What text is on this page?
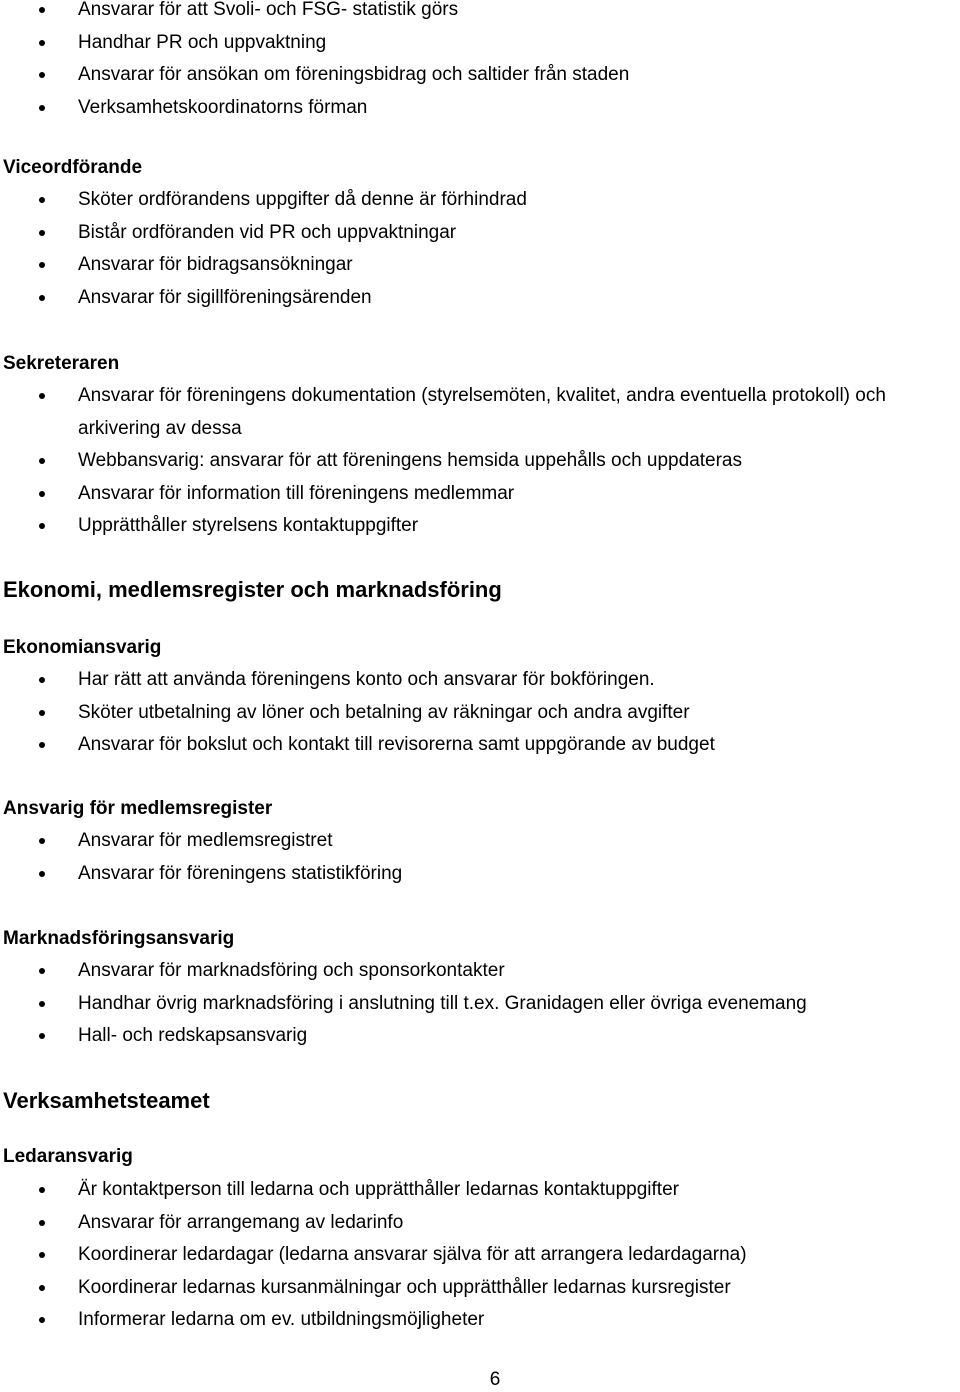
Ansvarar för att Svoli- och FSG- statistik görs
Handhar PR och uppvaktning
Ansvarar för ansökan om föreningsbidrag och saltider från staden
Verksamhetskoordinatorns förman
Viceordförande
Sköter ordförandens uppgifter då denne är förhindrad
Bistår ordföranden vid PR och uppvaktningar
Ansvarar för bidragsansökningar
Ansvarar för sigillföreningsärenden
Sekreteraren
Ansvarar för föreningens dokumentation (styrelsemöten, kvalitet, andra eventuella protokoll) och arkivering av dessa
Webbansvarig: ansvarar för att föreningens hemsida uppehålls och uppdateras
Ansvarar för information till föreningens medlemmar
Upprätthåller styrelsens kontaktuppgifter
Ekonomi, medlemsregister och marknadsföring
Ekonomiansvarig
Har rätt att använda föreningens konto och ansvarar för bokföringen.
Sköter utbetalning av löner och betalning av räkningar och andra avgifter
Ansvarar för bokslut och kontakt till revisorerna samt uppgörande av budget
Ansvarig för medlemsregister
Ansvarar för medlemsregistret
Ansvarar för föreningens statistikföring
Marknadsföringsansvarig
Ansvarar för marknadsföring och sponsorkontakter
Handhar övrig marknadsföring i anslutning till t.ex. Granidagen eller övriga evenemang
Hall- och redskapsansvarig
Verksamhetsteamet
Ledaransvarig
Är kontaktperson till ledarna och upprätthåller ledarnas kontaktuppgifter
Ansvarar för arrangemang av ledarinfo
Koordinerar ledardagar (ledarna ansvarar själva för att arrangera ledardagarna)
Koordinerar ledarnas kursanmälningar och upprätthåller ledarnas kursregister
Informerar ledarna om ev. utbildningsmöjligheter
6
